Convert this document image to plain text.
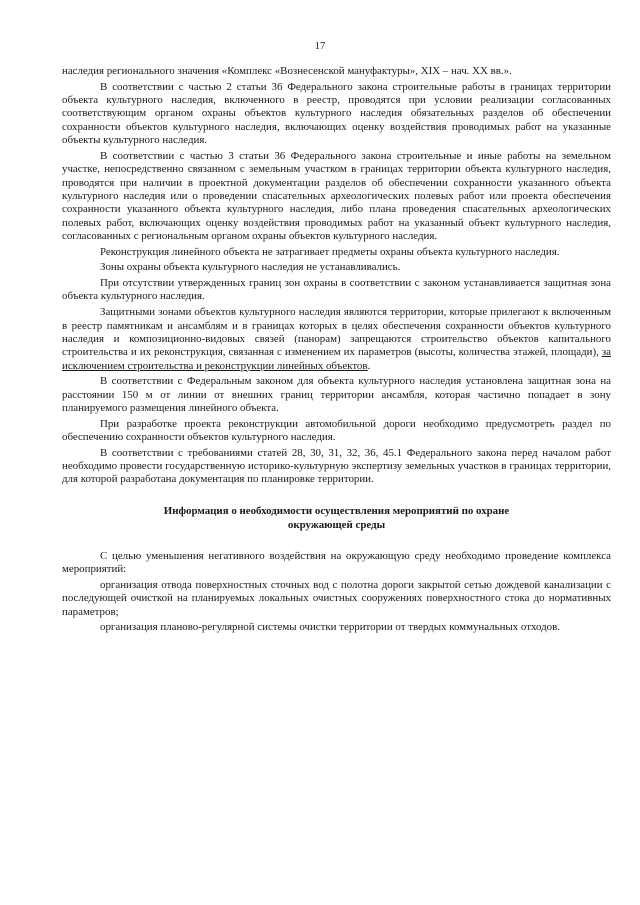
17

наследия регионального значения «Комплекс «Вознесенской мануфактуры», XIX – нач. XX вв.».

В соответствии с частью 2 статьи 36 Федерального закона строительные работы в границах территории объекта культурного наследия, включенного в реестр, проводятся при условии реализации согласованных соответствующим органом охраны объектов культурного наследия обязательных разделов об обеспечении сохранности объектов культурного наследия, включающих оценку воздействия проводимых работ на указанные объекты культурного наследия.

В соответствии с частью 3 статьи 36 Федерального закона строительные и иные работы на земельном участке, непосредственно связанном с земельным участком в границах территории объекта культурного наследия, проводятся при наличии в проектной документации разделов об обеспечении сохранности указанного объекта культурного наследия или о проведении спасательных археологических полевых работ или проекта обеспечения сохранности указанного объекта культурного наследия, либо плана проведения спасательных археологических полевых работ, включающих оценку воздействия проводимых работ на указанный объект культурного наследия, согласованных с региональным органом охраны объектов культурного наследия.

Реконструкция линейного объекта не затрагивает предметы охраны объекта культурного наследия.

Зоны охраны объекта культурного наследия не устанавливались.

При отсутствии утвержденных границ зон охраны в соответствии с законом устанавливается защитная зона объекта культурного наследия.

Защитными зонами объектов культурного наследия являются территории, которые прилегают к включенным в реестр памятникам и ансамблям и в границах которых в целях обеспечения сохранности объектов культурного наследия и композиционно-видовых связей (панорам) запрещаются строительство объектов капитального строительства и их реконструкция, связанная с изменением их параметров (высоты, количества этажей, площади), за исключением строительства и реконструкции линейных объектов.

В соответствии с Федеральным законом для объекта культурного наследия установлена защитная зона на расстоянии 150 м от линии от внешних границ территории ансамбля, которая частично попадает в зону планируемого размещения линейного объекта.

При разработке проекта реконструкции автомобильной дороги необходимо предусмотреть раздел по обеспечению сохранности объектов культурного наследия.

В соответствии с требованиями статей 28, 30, 31, 32, 36, 45.1 Федерального закона перед началом работ необходимо провести государственную историко-культурную экспертизу земельных участков в границах территории, для которой разработана документация по планировке территории.

Информация о необходимости осуществления мероприятий по охране
окружающей среды

С целью уменьшения негативного воздействия на окружающую среду необходимо проведение комплекса мероприятий:

организация отвода поверхностных сточных вод с полотна дороги закрытой сетью дождевой канализации с последующей очисткой на планируемых локальных очистных сооружениях поверхностного стока до нормативных параметров;

организация планово-регулярной системы очистки территории от твердых коммунальных отходов.
